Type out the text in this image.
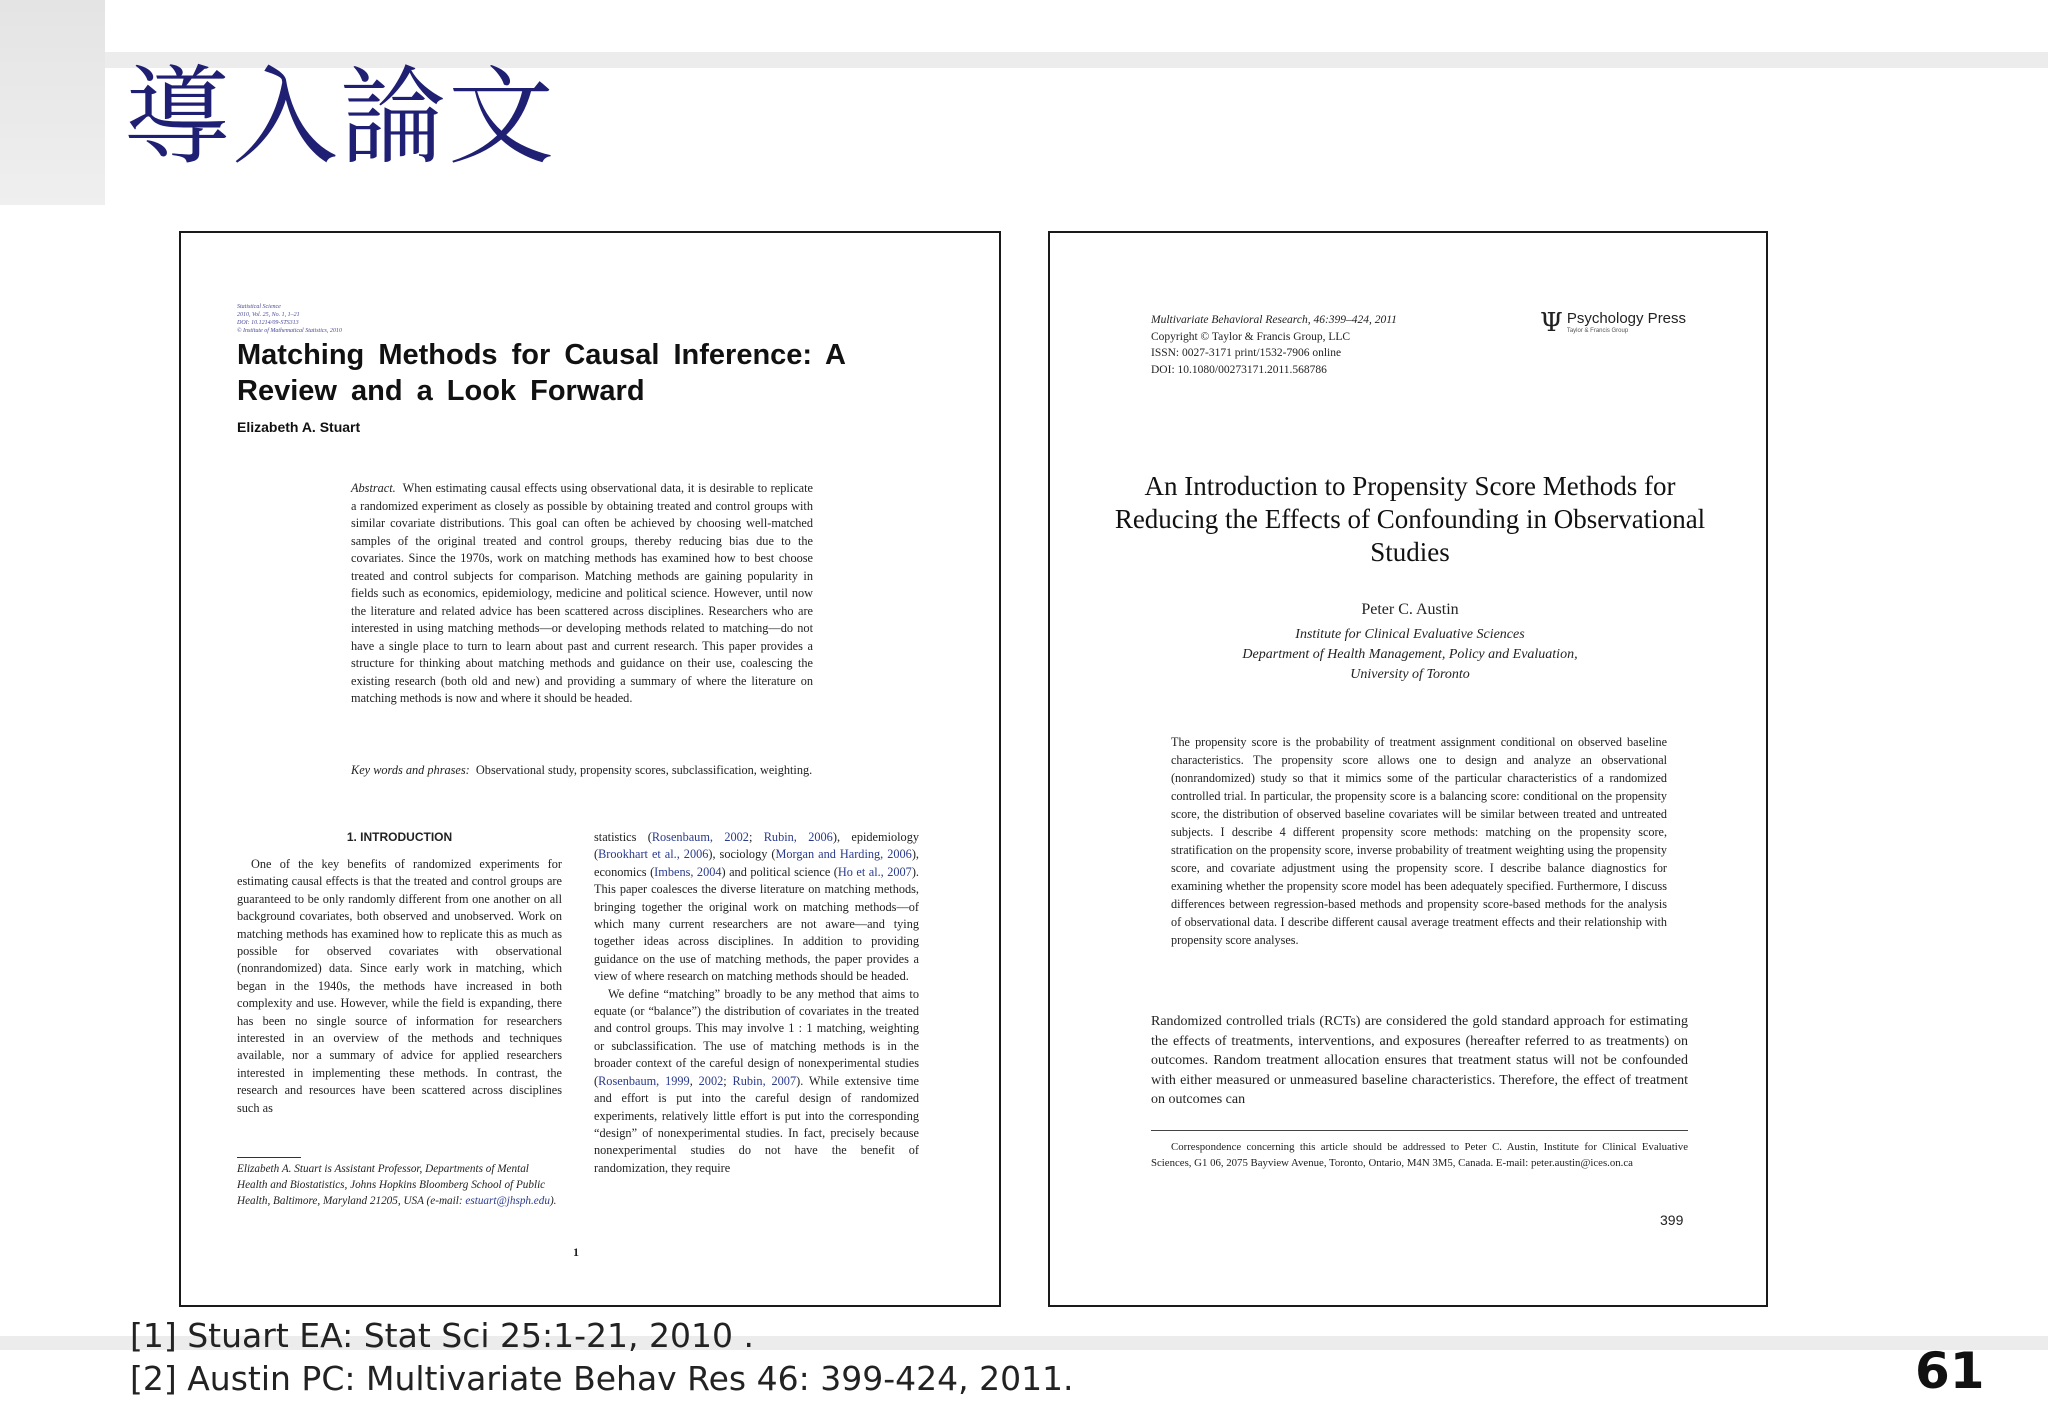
導入論文
Statistical Science
2010, Vol. 25, No. 1, 1–21
DOI: 10.1214/09-STS313
© Institute of Mathematical Statistics, 2010
Matching Methods for Causal Inference: A Review and a Look Forward
Elizabeth A. Stuart

Abstract. When estimating causal effects using observational data, it is desirable to replicate a randomized experiment as closely as possible by obtaining treated and control groups with similar covariate distributions. This goal can often be achieved by choosing well-matched samples of the original treated and control groups, thereby reducing bias due to the covariates. Since the 1970s, work on matching methods has examined how to best choose treated and control subjects for comparison. Matching methods are gaining popularity in fields such as economics, epidemiology, medicine and political science. However, until now the literature and related advice has been scattered across disciplines. Researchers who are interested in using matching methods—or developing methods related to matching—do not have a single place to turn to learn about past and current research. This paper provides a structure for thinking about matching methods and guidance on their use, coalescing the existing research (both old and new) and providing a summary of where the literature on matching methods is now and where it should be headed.

Key words and phrases: Observational study, propensity scores, subclassification, weighting.

1. INTRODUCTION

One of the key benefits of randomized experiments for estimating causal effects is that the treated and control groups are guaranteed to be only randomly different from one another on all background covariates, both observed and unobserved. Work on matching methods has examined how to replicate this as much as possible for observed covariates with observational (nonrandomized) data. Since early work in matching, which began in the 1940s, the methods have increased in both complexity and use. However, while the field is expanding, there has been no single source of information for researchers interested in an overview of the methods and techniques available, nor a summary of advice for applied researchers interested in implementing these methods. In contrast, the research and resources have been scattered across disciplines such as

statistics (Rosenbaum, 2002; Rubin, 2006), epidemiology (Brookhart et al., 2006), sociology (Morgan and Harding, 2006), economics (Imbens, 2004) and political science (Ho et al., 2007). This paper coalesces the diverse literature on matching methods, bringing together the original work on matching methods—of which many current researchers are not aware—and tying together ideas across disciplines. In addition to providing guidance on the use of matching methods, the paper provides a view of where research on matching methods should be headed.

We define “matching” broadly to be any method that aims to equate (or “balance”) the distribution of covariates in the treated and control groups. This may involve 1 : 1 matching, weighting or subclassification. The use of matching methods is in the broader context of the careful design of nonexperimental studies (Rosenbaum, 1999, 2002; Rubin, 2007). While extensive time and effort is put into the careful design of randomized experiments, relatively little effort is put into the corresponding “design” of nonexperimental studies. In fact, precisely because nonexperimental studies do not have the benefit of randomization, they require

Elizabeth A. Stuart is Assistant Professor, Departments of Mental Health and Biostatistics, Johns Hopkins Bloomberg School of Public Health, Baltimore, Maryland 21205, USA (e-mail: estuart@jhsph.edu).

1
Multivariate Behavioral Research, 46:399–424, 2011
Copyright © Taylor & Francis Group, LLC
ISSN: 0027-3171 print/1532-7906 online
DOI: 10.1080/00273171.2011.568786
Ψ Psychology Press
Taylor & Francis Group
An Introduction to Propensity Score Methods for Reducing the Effects of Confounding in Observational Studies
Peter C. Austin
Institute for Clinical Evaluative Sciences
Department of Health Management, Policy and Evaluation,
University of Toronto

The propensity score is the probability of treatment assignment conditional on observed baseline characteristics. The propensity score allows one to design and analyze an observational (nonrandomized) study so that it mimics some of the particular characteristics of a randomized controlled trial. In particular, the propensity score is a balancing score: conditional on the propensity score, the distribution of observed baseline covariates will be similar between treated and untreated subjects. I describe 4 different propensity score methods: matching on the propensity score, stratification on the propensity score, inverse probability of treatment weighting using the propensity score, and covariate adjustment using the propensity score. I describe balance diagnostics for examining whether the propensity score model has been adequately specified. Furthermore, I discuss differences between regression-based methods and propensity score-based methods for the analysis of observational data. I describe different causal average treatment effects and their relationship with propensity score analyses.

Randomized controlled trials (RCTs) are considered the gold standard approach for estimating the effects of treatments, interventions, and exposures (hereafter referred to as treatments) on outcomes. Random treatment allocation ensures that treatment status will not be confounded with either measured or unmeasured baseline characteristics. Therefore, the effect of treatment on outcomes can

Correspondence concerning this article should be addressed to Peter C. Austin, Institute for Clinical Evaluative Sciences, G1 06, 2075 Bayview Avenue, Toronto, Ontario, M4N 3M5, Canada. E-mail: peter.austin@ices.on.ca

399
[1] Stuart EA: Stat Sci 25:1-21, 2010 .
[2] Austin PC: Multivariate Behav Res 46: 399-424, 2011.	61
